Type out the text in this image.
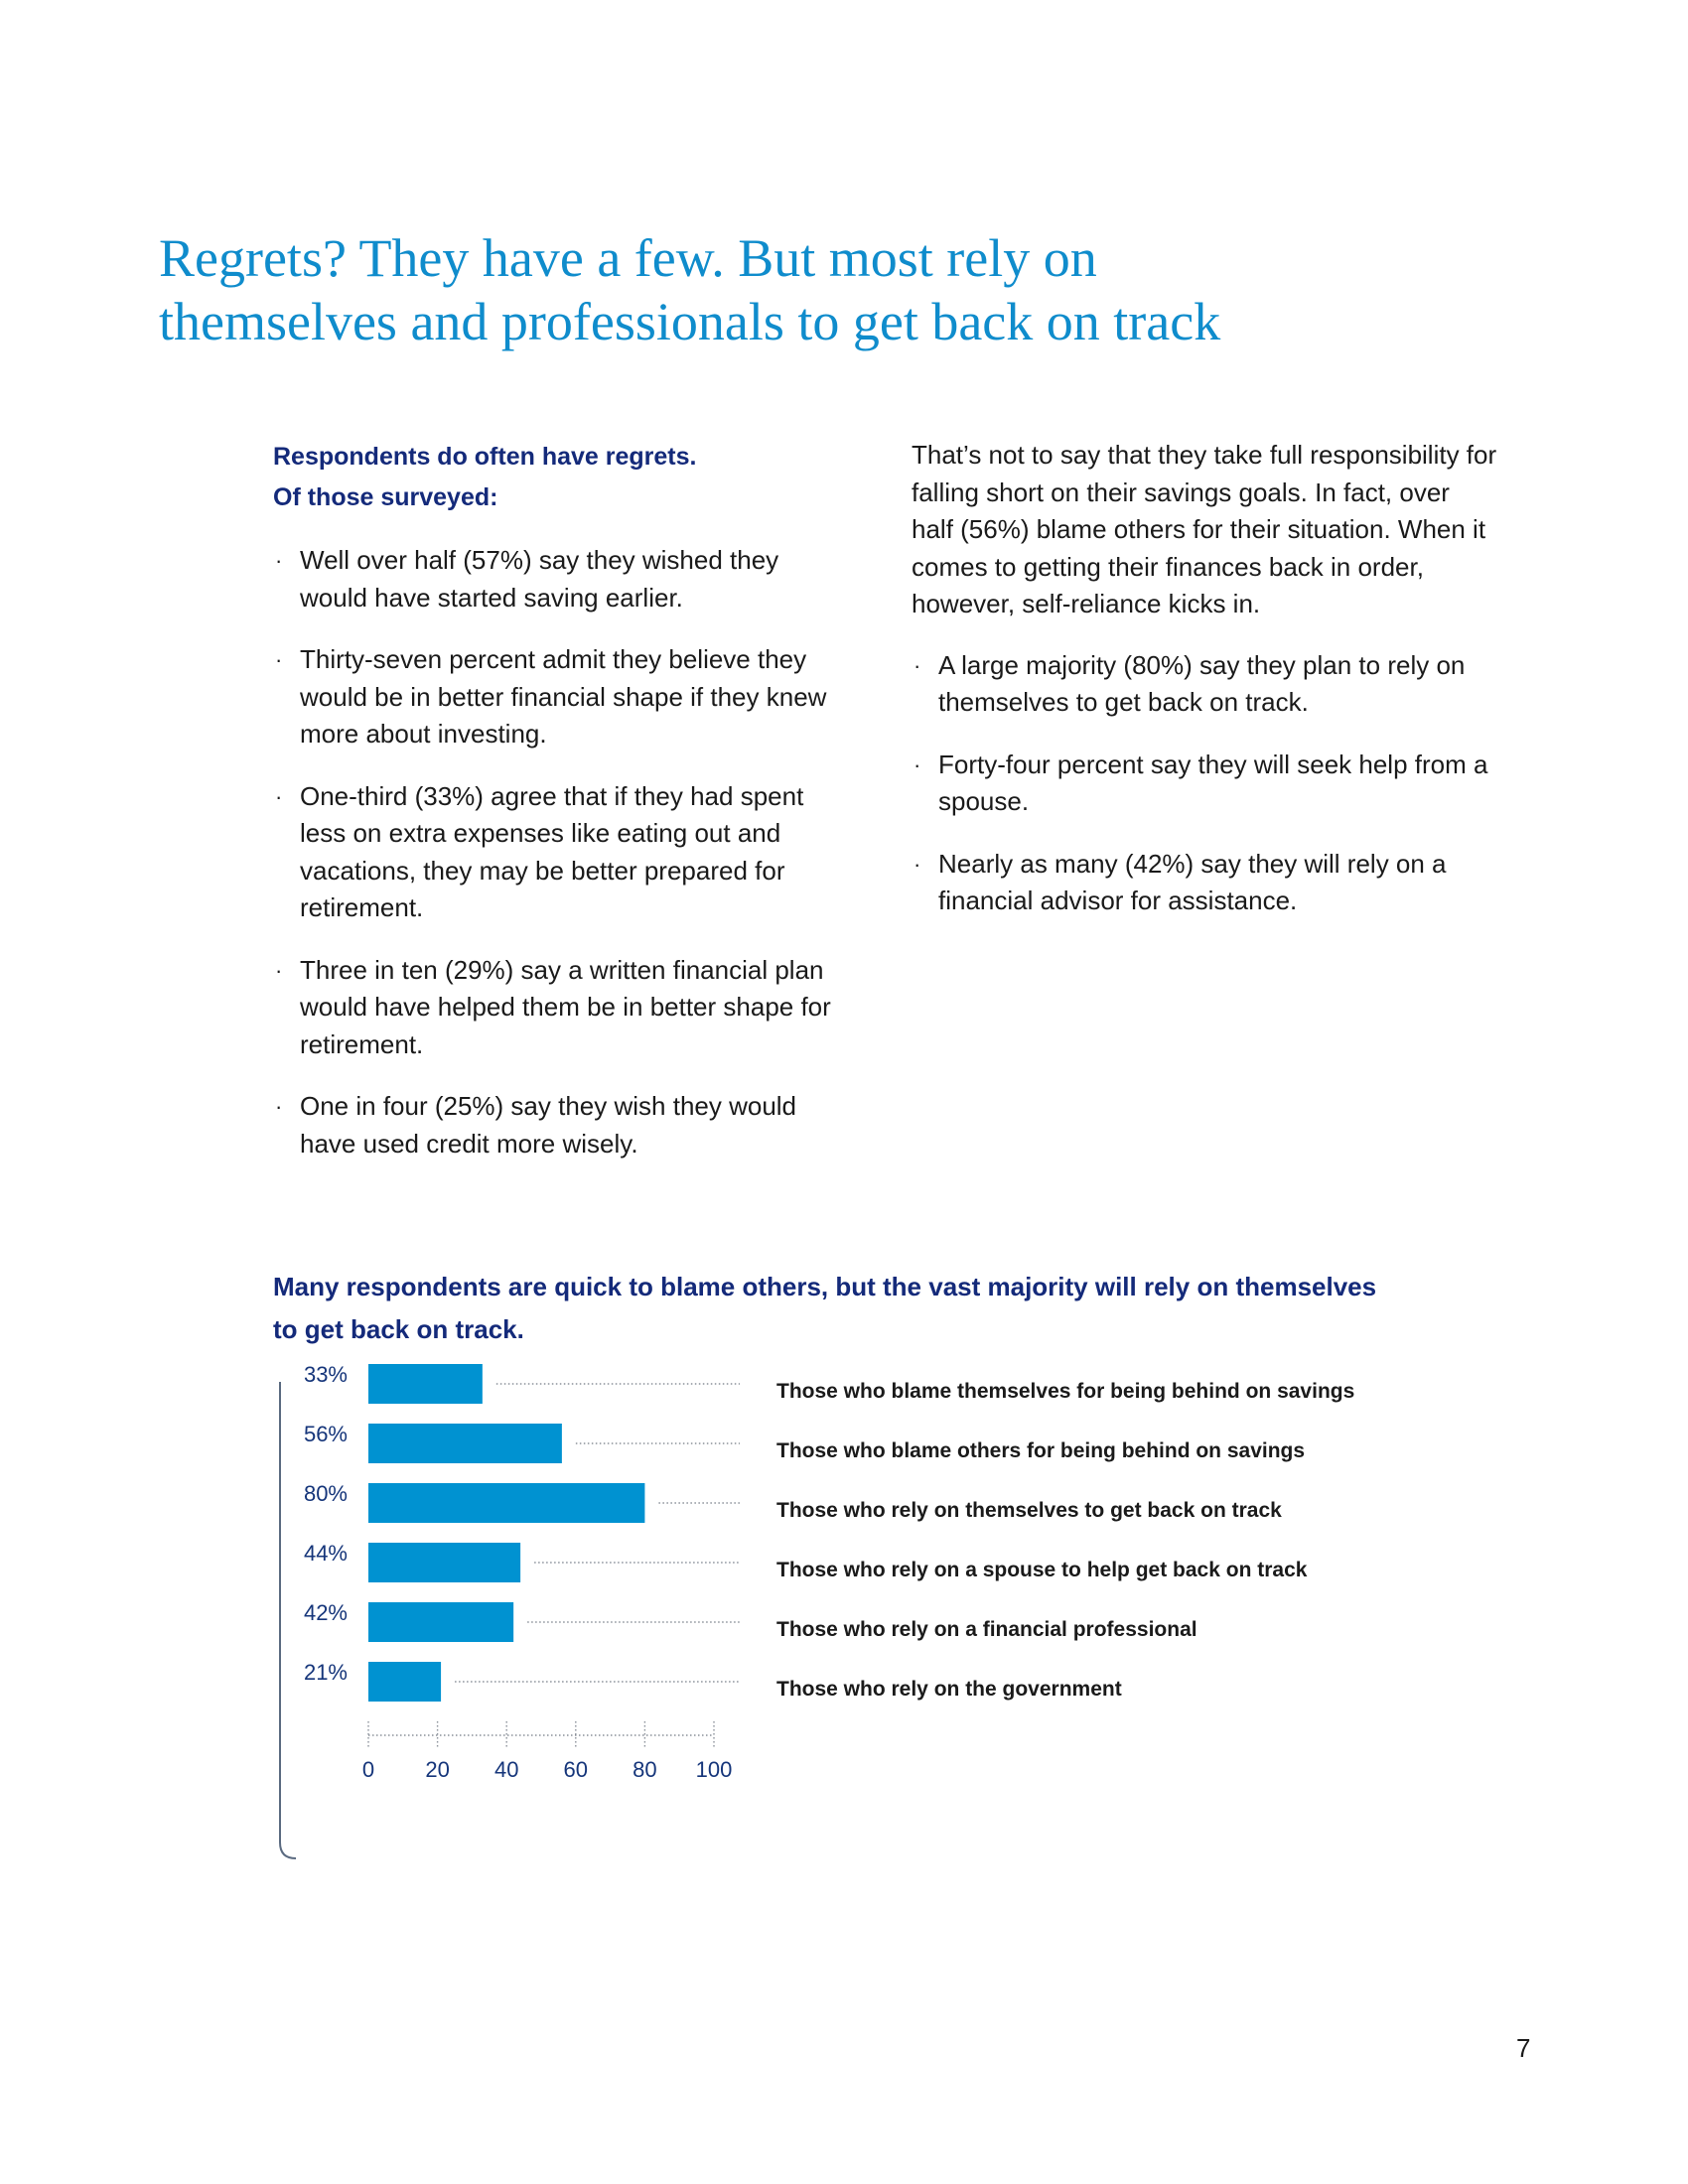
Regrets? They have a few. But most rely on
themselves and professionals to get back on track
Respondents do often have regrets.
Of those surveyed:
· Well over half (57%) say they wished they would have started saving earlier.
· Thirty-seven percent admit they believe they would be in better financial shape if they knew more about investing.
· One-third (33%) agree that if they had spent less on extra expenses like eating out and vacations, they may be better prepared for retirement.
· Three in ten (29%) say a written financial plan would have helped them be in better shape for retirement.
· One in four (25%) say they wish they would have used credit more wisely.

That’s not to say that they take full responsibility for falling short on their savings goals. In fact, over half (56%) blame others for their situation. When it comes to getting their finances back in order, however, self-reliance kicks in.

· A large majority (80%) say they plan to rely on themselves to get back on track.
· Forty-four percent say they will seek help from a spouse.
· Nearly as many (42%) say they will rely on a financial advisor for assistance.
Many respondents are quick to blame others, but the vast majority will rely on themselves
to get back on track.
33%
Those who blame themselves for being behind on savings
56%
Those who blame others for being behind on savings
80%
Those who rely on themselves to get back on track
44%
Those who rely on a spouse to help get back on track
42%
Those who rely on a financial professional
21%
Those who rely on the government
0 20 40 60 80 100
7
